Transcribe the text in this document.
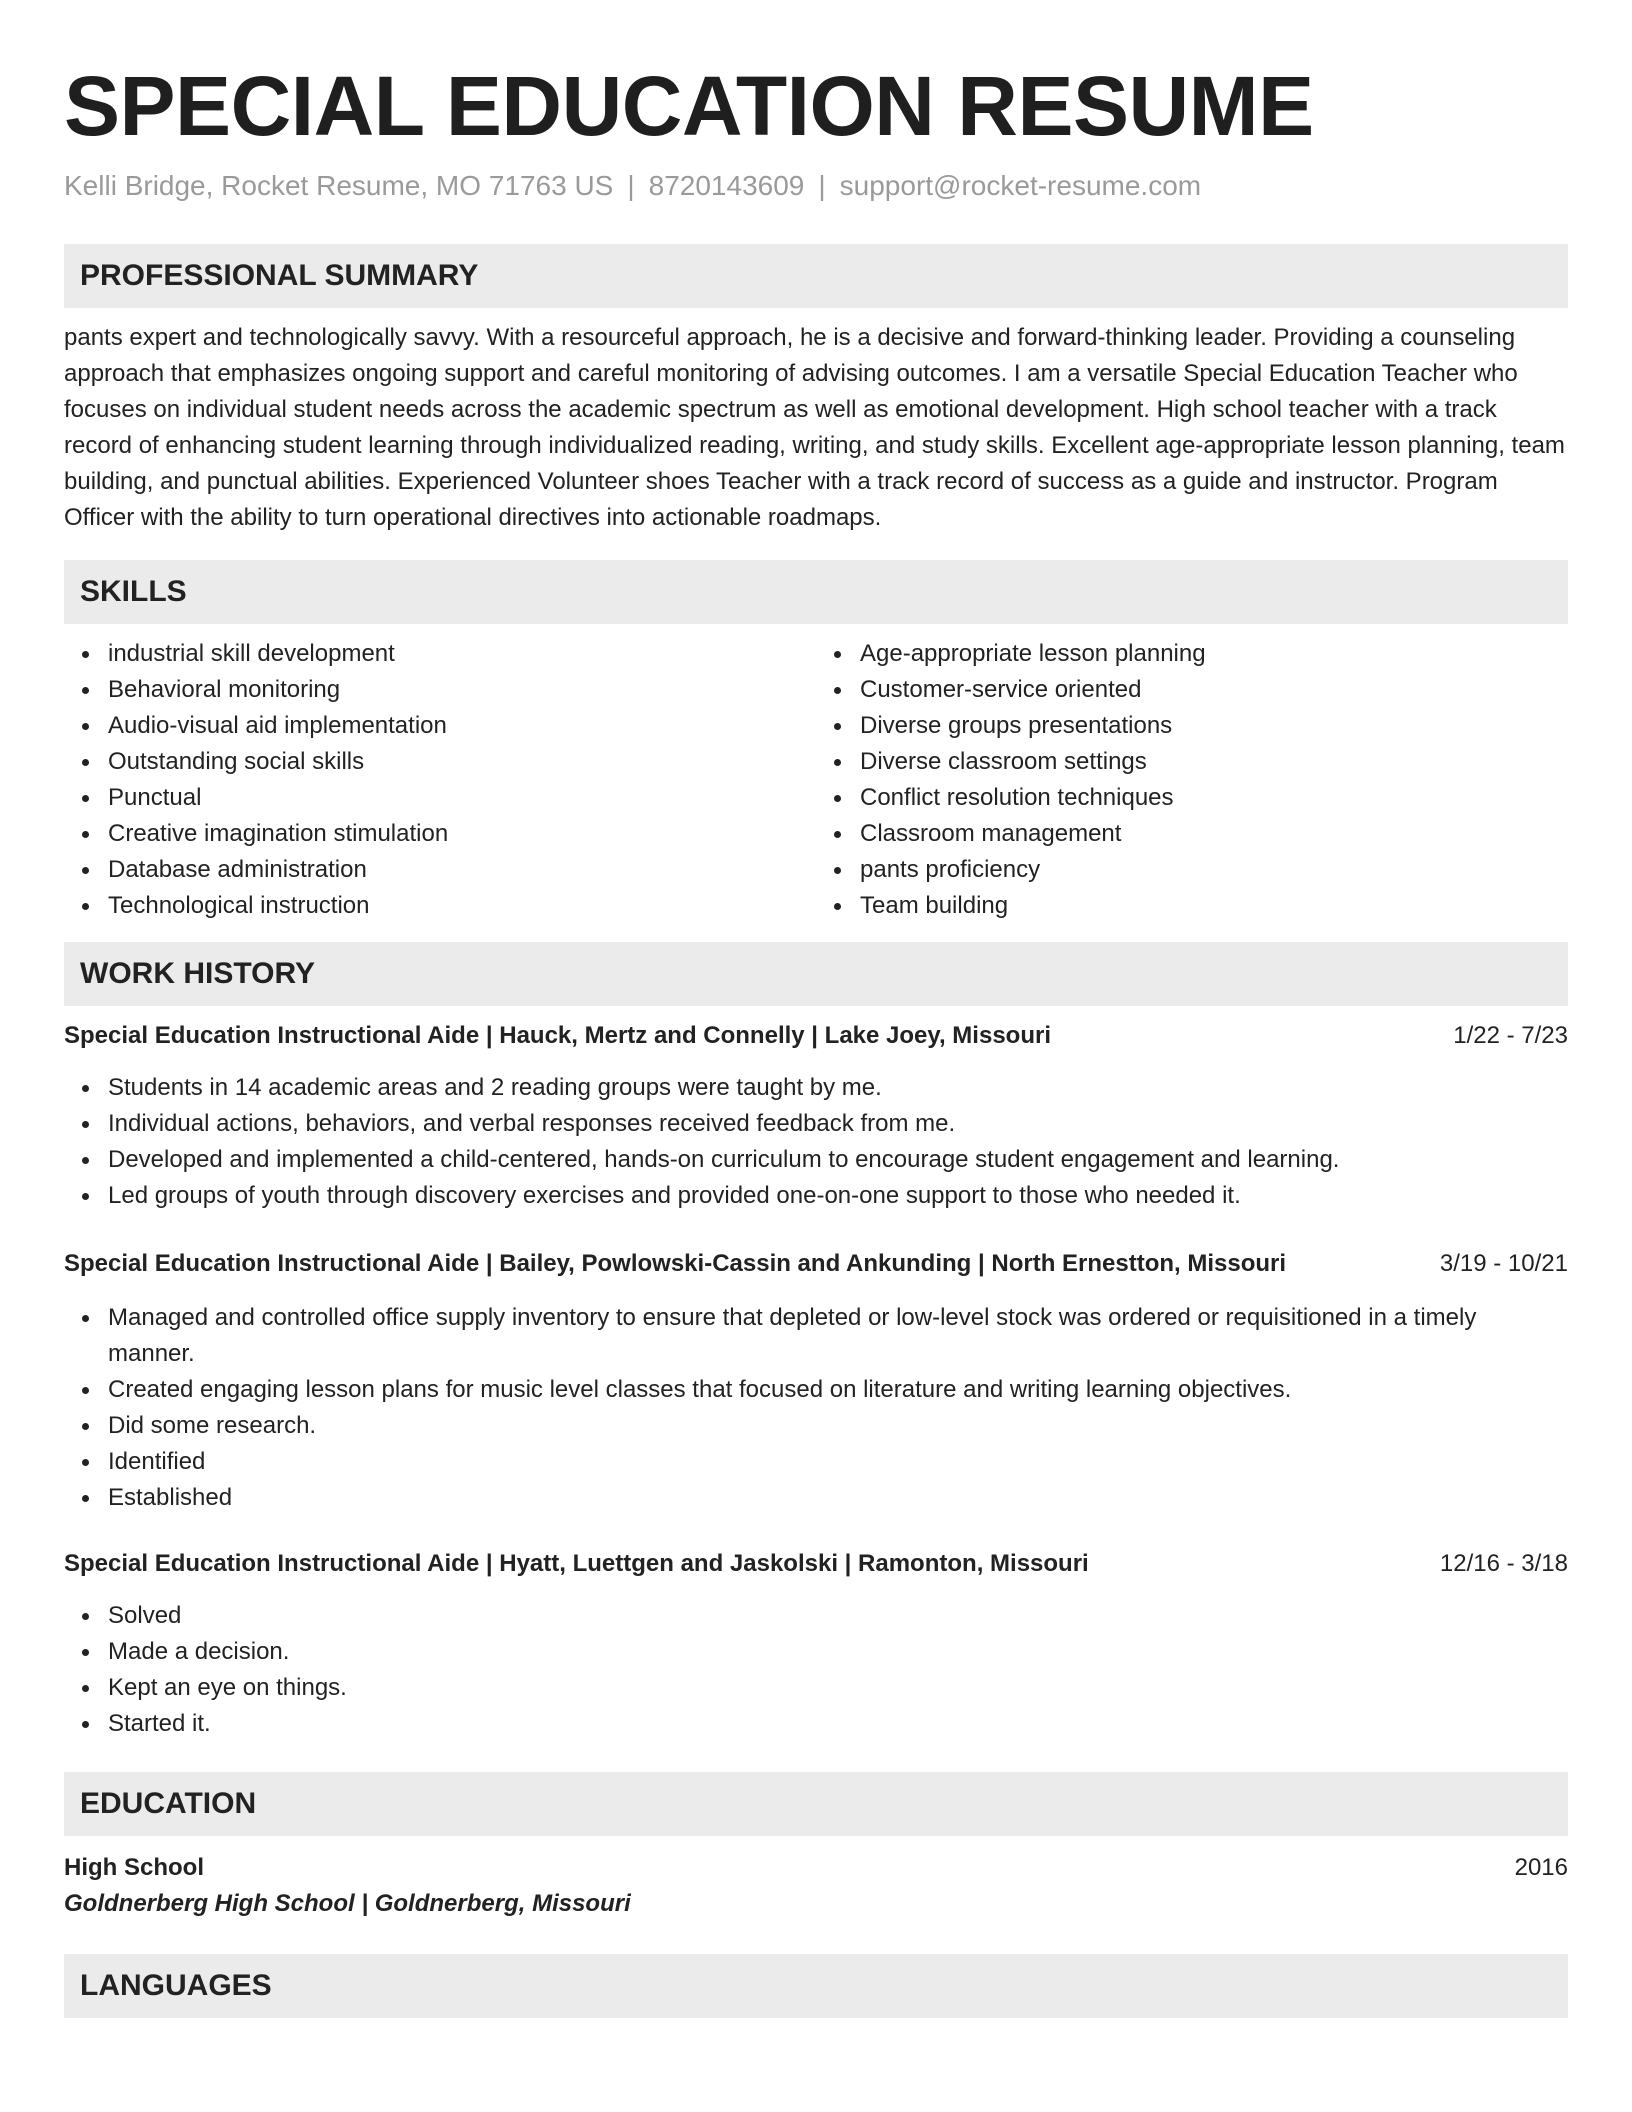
SPECIAL EDUCATION RESUME
Kelli Bridge, Rocket Resume, MO 71763 US | 8720143609 | support@rocket-resume.com
PROFESSIONAL SUMMARY

pants expert and technologically savvy. With a resourceful approach, he is a decisive and forward-thinking leader. Providing a counseling approach that emphasizes ongoing support and careful monitoring of advising outcomes. I am a versatile Special Education Teacher who focuses on individual student needs across the academic spectrum as well as emotional development. High school teacher with a track record of enhancing student learning through individualized reading, writing, and study skills. Excellent age-appropriate lesson planning, team building, and punctual abilities. Experienced Volunteer shoes Teacher with a track record of success as a guide and instructor. Program Officer with the ability to turn operational directives into actionable roadmaps.

SKILLS
industrial skill development
Behavioral monitoring
Audio-visual aid implementation
Outstanding social skills
Punctual
Creative imagination stimulation
Database administration
Technological instruction
Age-appropriate lesson planning
Customer-service oriented
Diverse groups presentations
Diverse classroom settings
Conflict resolution techniques
Classroom management
pants proficiency
Team building
WORK HISTORY
Special Education Instructional Aide | Hauck, Mertz and Connelly | Lake Joey, Missouri	1/22 - 7/23
Students in 14 academic areas and 2 reading groups were taught by me.
Individual actions, behaviors, and verbal responses received feedback from me.
Developed and implemented a child-centered, hands-on curriculum to encourage student engagement and learning.
Led groups of youth through discovery exercises and provided one-on-one support to those who needed it.
Special Education Instructional Aide | Bailey, Powlowski-Cassin and Ankunding | North Ernestton, Missouri	3/19 - 10/21
Managed and controlled office supply inventory to ensure that depleted or low-level stock was ordered or requisitioned in a timely manner.
Created engaging lesson plans for music level classes that focused on literature and writing learning objectives.
Did some research.
Identified
Established
Special Education Instructional Aide | Hyatt, Luettgen and Jaskolski | Ramonton, Missouri	12/16 - 3/18
Solved
Made a decision.
Kept an eye on things.
Started it.
EDUCATION
High School	2016
Goldnerberg High School | Goldnerberg, Missouri
LANGUAGES
